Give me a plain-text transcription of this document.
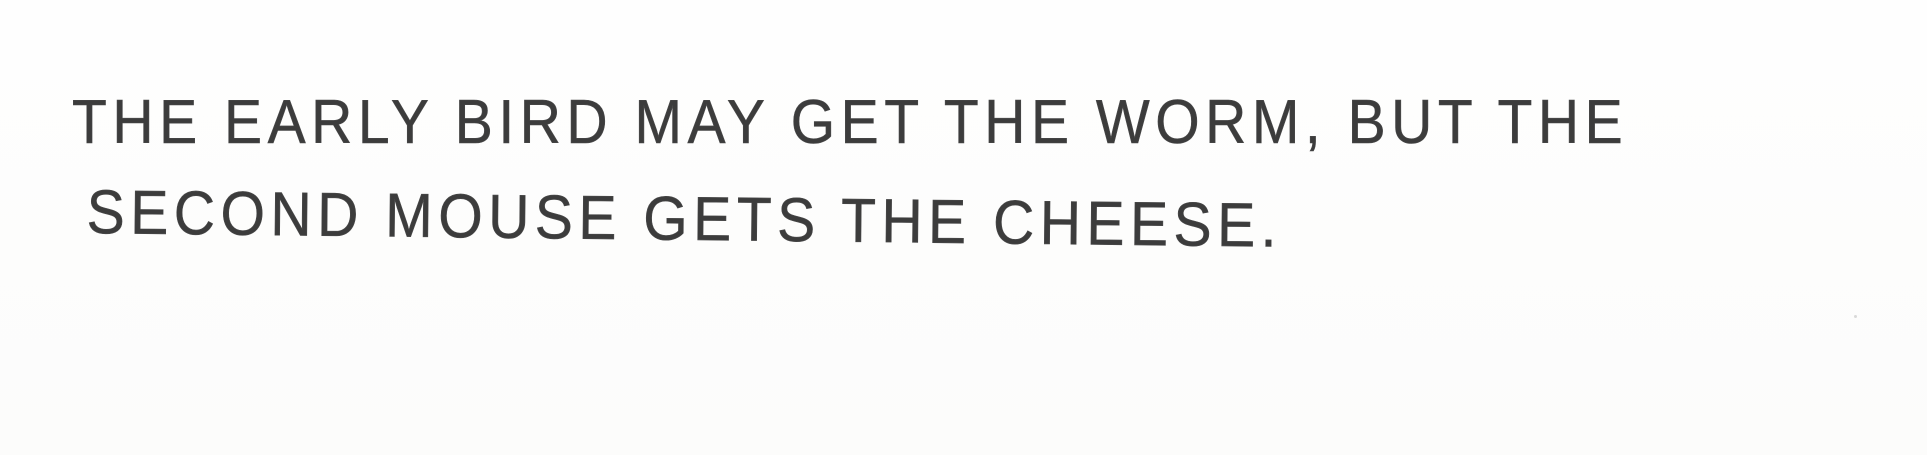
THE EARLY BIRD MAY GET THE WORM, BUT THE
SECOND MOUSE GETS THE CHEESE.
